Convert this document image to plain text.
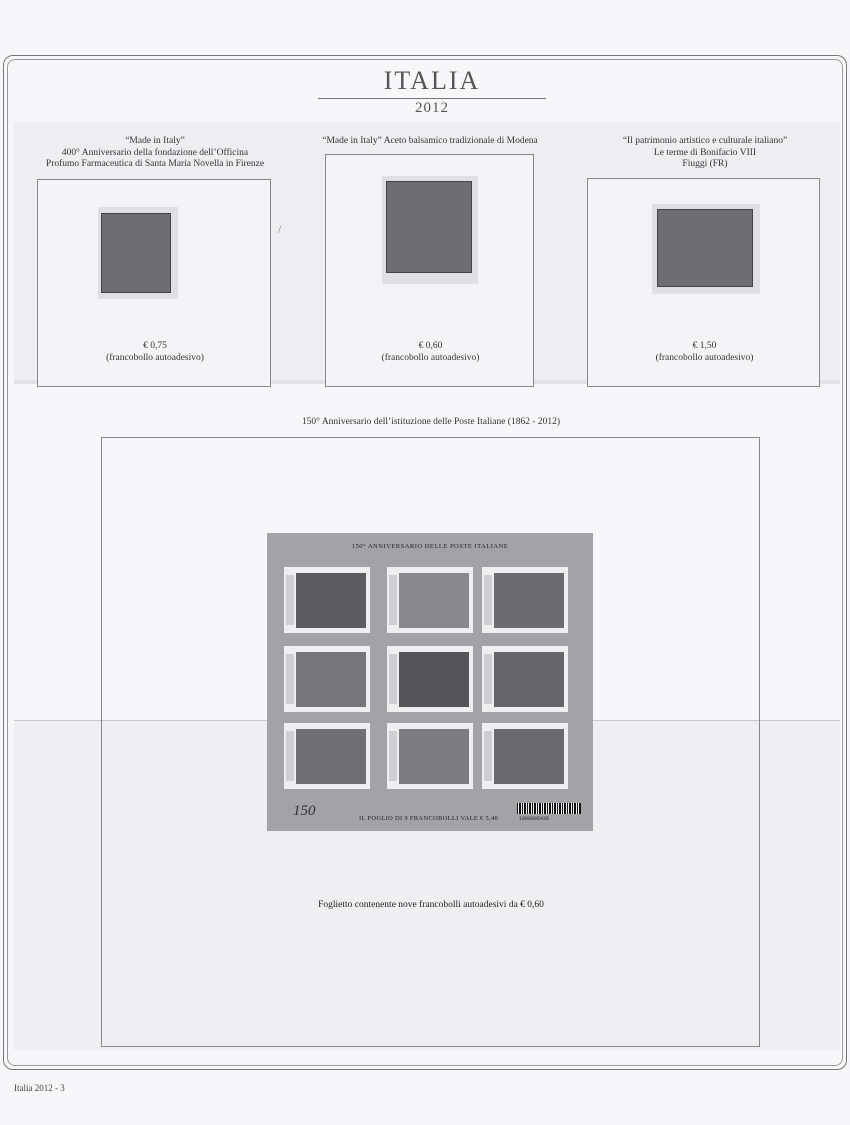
ITALIA
2012
“Made in Italy”
400° Anniversario della fondazione dell’Officina
Profumo Farmaceutica di Santa Maria Novella in Firenze
€ 0,75
(francobollo autoadesivo)
“Made in Italy” Aceto balsamico tradizionale di Modena
€ 0,60
(francobollo autoadesivo)
“Il patrimonio artistico e culturale italiano”
Le terme di Bonifacio VIII
Fiuggi (FR)
€ 1,50
(francobollo autoadesivo)
150° Anniversario dell’istituzione delle Poste Italiane (1862 - 2012)
150° ANNIVERSARIO DELLE POSTE ITALIANE
150	IL FOGLIO DI 9 FRANCOBOLLI VALE € 5,40	1000005436
Foglietto contenente nove francobolli autoadesivi da € 0,60
/
Italia 2012 - 3
